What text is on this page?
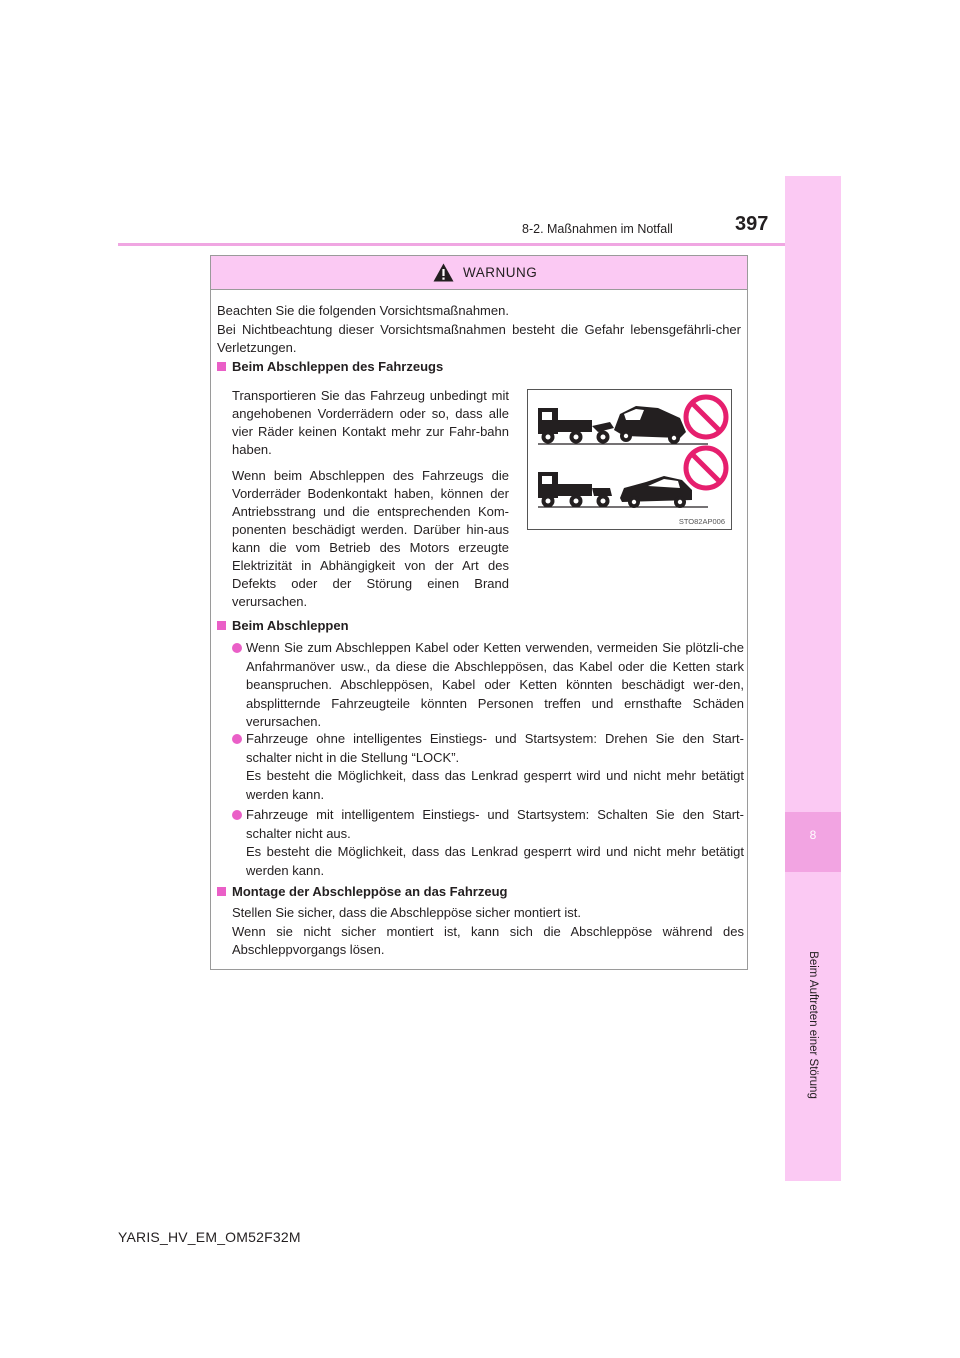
8
Beim Auftreten einer Störung
8-2. Maßnahmen im Notfall	397
WARNUNG
Beachten Sie die folgenden Vorsichtsmaßnahmen.
Bei Nichtbeachtung dieser Vorsichtsmaßnahmen besteht die Gefahr lebensgefährli-cher Verletzungen.
Beim Abschleppen des Fahrzeugs

Transportieren Sie das Fahrzeug unbedingt mit angehobenen Vorderrädern oder so, dass alle vier Räder keinen Kontakt mehr zur Fahr-bahn haben.

Wenn beim Abschleppen des Fahrzeugs die Vorderräder Bodenkontakt haben, können der Antriebsstrang und die entsprechenden Kom-ponenten beschädigt werden. Darüber hin-aus kann die vom Betrieb des Motors erzeugte Elektrizität in Abhängigkeit von der Art des Defekts oder der Störung einen Brand verursachen.

STO82AP006
Beim Abschleppen
Wenn Sie zum Abschleppen Kabel oder Ketten verwenden, vermeiden Sie plötzli-che Anfahrmanöver usw., da diese die Abschleppösen, das Kabel oder die Ketten stark beanspruchen. Abschleppösen, Kabel oder Ketten könnten beschädigt wer-den, absplitternde Fahrzeugteile könnten Personen treffen und ernsthafte Schäden verursachen.
Fahrzeuge ohne intelligentes Einstiegs- und Startsystem: Drehen Sie den Start-schalter nicht in die Stellung “LOCK”.
Es besteht die Möglichkeit, dass das Lenkrad gesperrt wird und nicht mehr betätigt werden kann.
Fahrzeuge mit intelligentem Einstiegs- und Startsystem: Schalten Sie den Start-schalter nicht aus.
Es besteht die Möglichkeit, dass das Lenkrad gesperrt wird und nicht mehr betätigt werden kann.
Montage der Abschleppöse an das Fahrzeug
Stellen Sie sicher, dass die Abschleppöse sicher montiert ist.
Wenn sie nicht sicher montiert ist, kann sich die Abschleppöse während des Abschleppvorgangs lösen.
YARIS_HV_EM_OM52F32M
